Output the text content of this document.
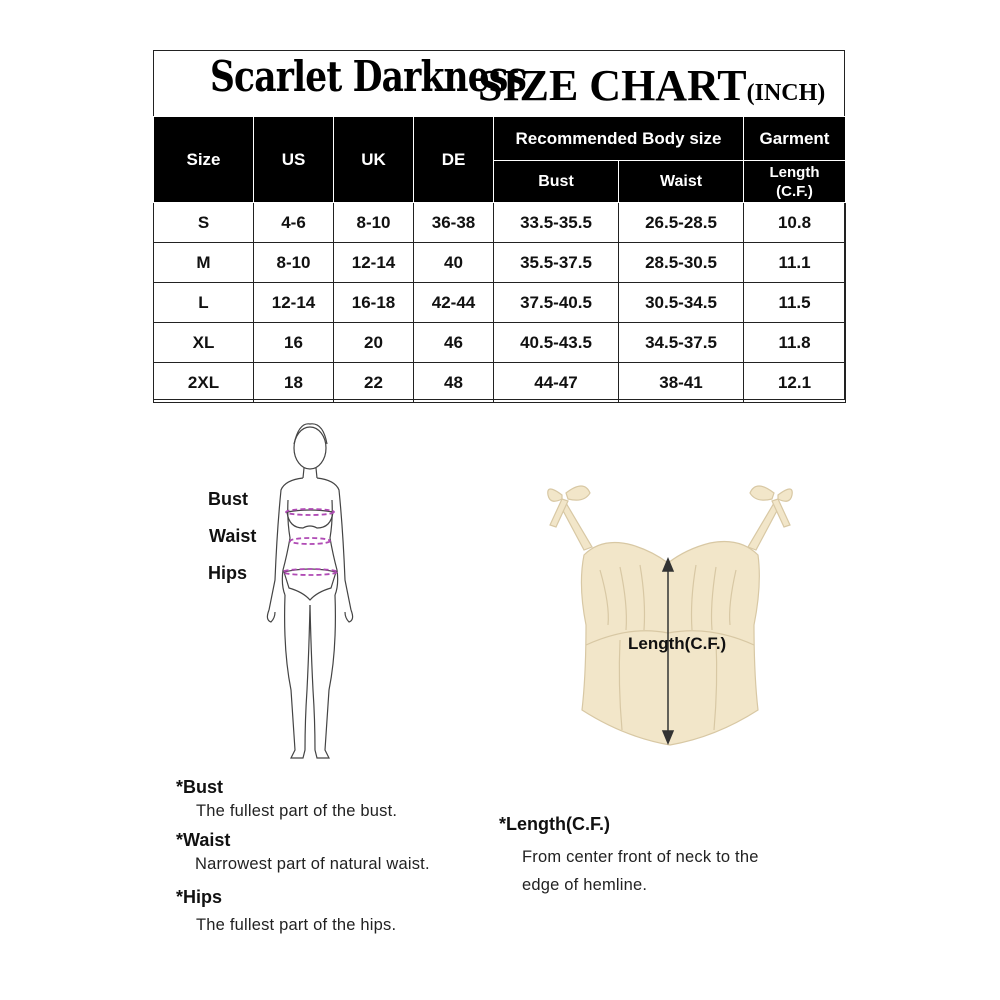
Scarlet Darkness
SIZE CHART(INCH)
Size	US	UK	DE	Recommended Body size		Garment
				Bust	Waist	Length (C.F.)
S	4-6	8-10	36-38	33.5-35.5	26.5-28.5	10.8
M	8-10	12-14	40	35.5-37.5	28.5-30.5	11.1
L	12-14	16-18	42-44	37.5-40.5	30.5-34.5	11.5
XL	16	20	46	40.5-43.5	34.5-37.5	11.8
2XL	18	22	48	44-47	38-41	12.1
Bust
Waist
Hips
Length(C.F.)
*Bust
The fullest part of the bust.
*Waist
Narrowest part of natural waist.
*Hips
The fullest part of the hips.
*Length(C.F.)
From center front of neck to the
edge of hemline.
